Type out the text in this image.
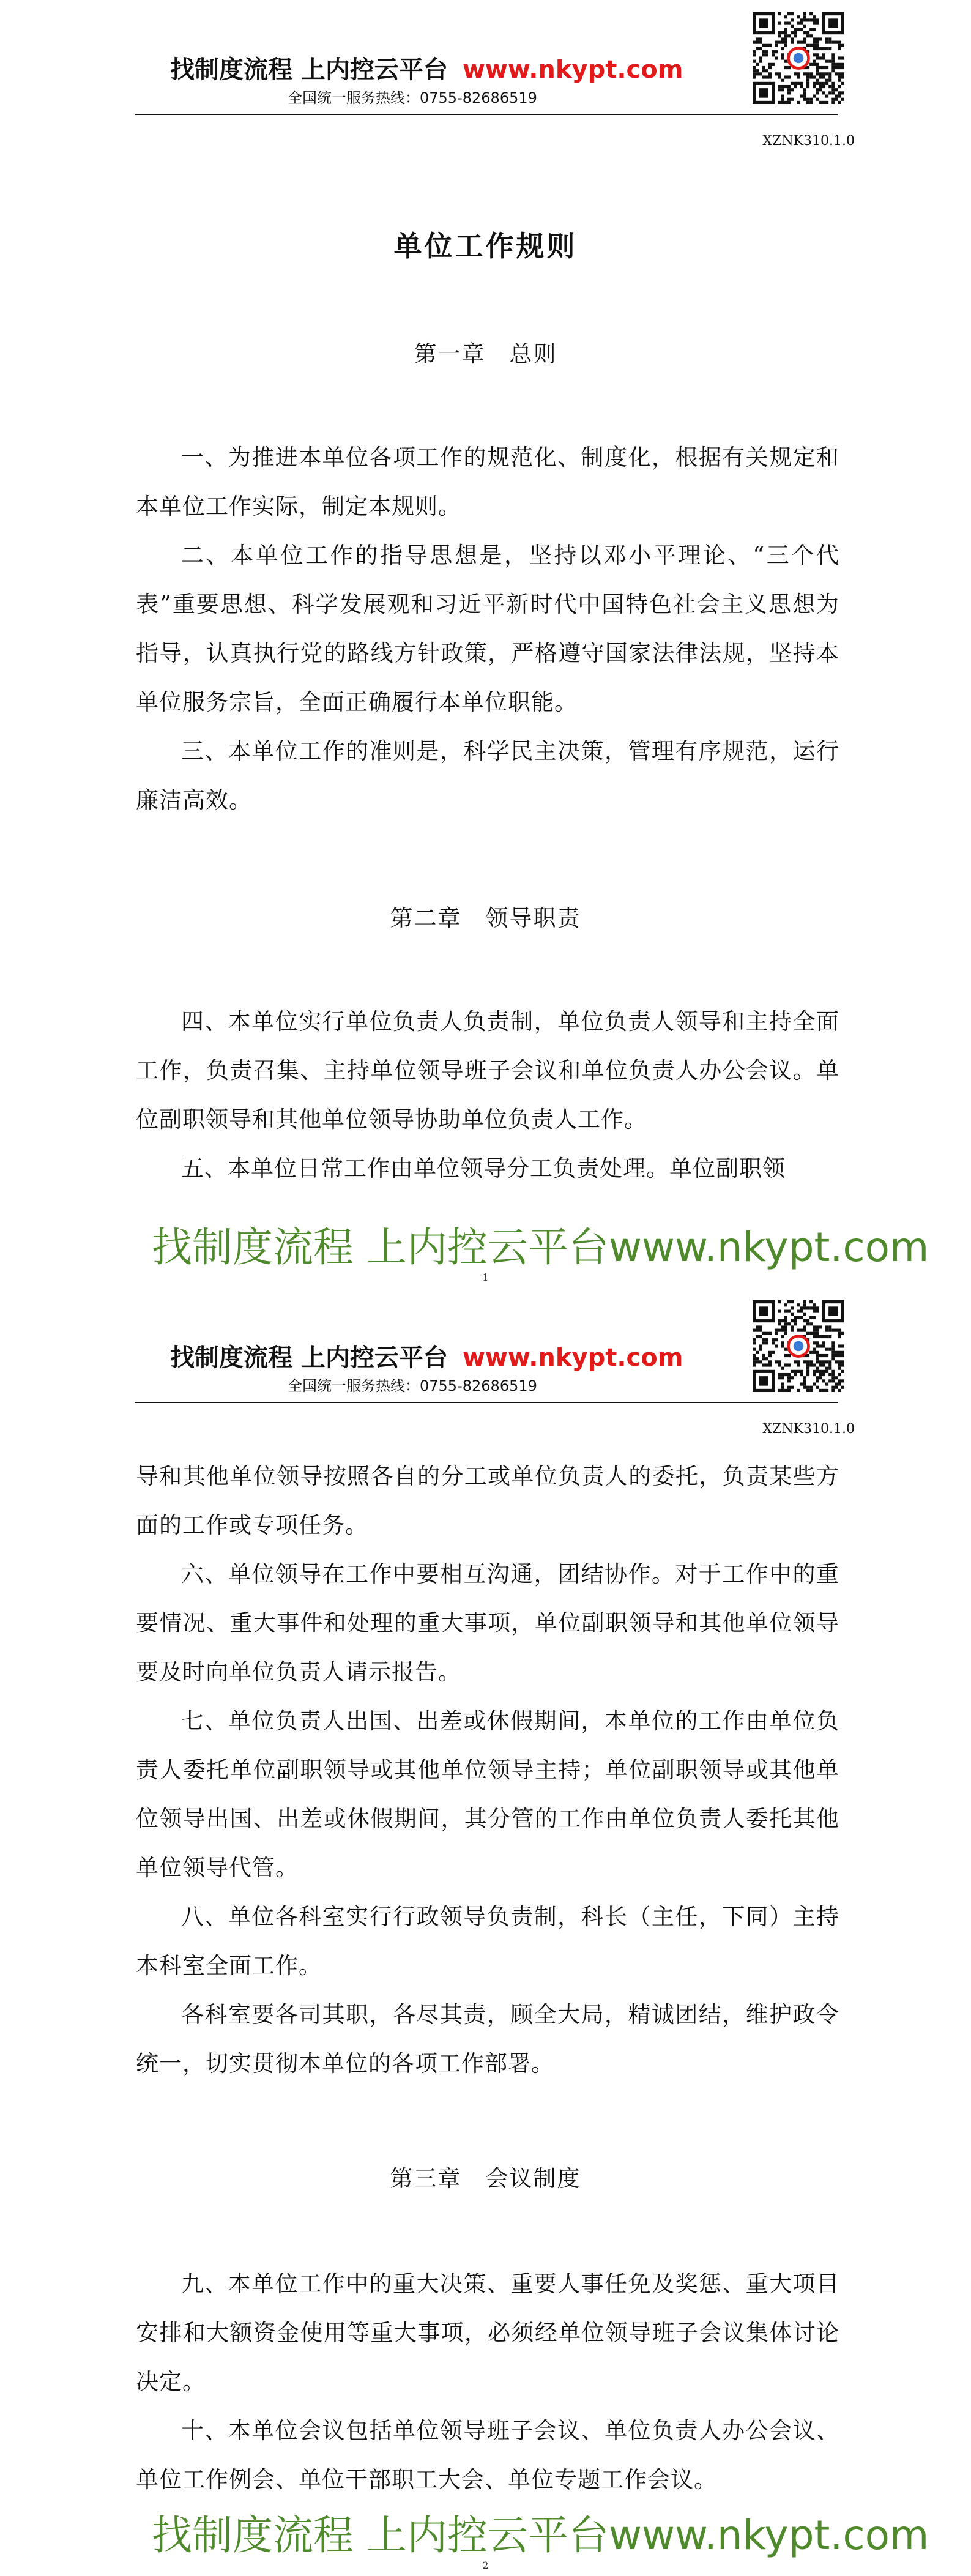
找制度流程 上内控云平台 www.nkypt.com
全国统一服务热线：0755-82686519
XZNK310.1.0
单位工作规则
第一章　总则
一、为推进本单位各项工作的规范化、制度化，根据有关规定和本单位工作实际，制定本规则。
二、本单位工作的指导思想是，坚持以邓小平理论、“三个代表”重要思想、科学发展观和习近平新时代中国特色社会主义思想为指导，认真执行党的路线方针政策，严格遵守国家法律法规，坚持本单位服务宗旨，全面正确履行本单位职能。
三、本单位工作的准则是，科学民主决策，管理有序规范，运行廉洁高效。
第二章　领导职责
四、本单位实行单位负责人负责制，单位负责人领导和主持全面工作，负责召集、主持单位领导班子会议和单位负责人办公会议。单位副职领导和其他单位领导协助单位负责人工作。
五、本单位日常工作由单位领导分工负责处理。单位副职领
找制度流程 上内控云平台www.nkypt.com
1
找制度流程 上内控云平台 www.nkypt.com
全国统一服务热线：0755-82686519
XZNK310.1.0
导和其他单位领导按照各自的分工或单位负责人的委托，负责某些方面的工作或专项任务。
六、单位领导在工作中要相互沟通，团结协作。对于工作中的重要情况、重大事件和处理的重大事项，单位副职领导和其他单位领导要及时向单位负责人请示报告。
七、单位负责人出国、出差或休假期间，本单位的工作由单位负责人委托单位副职领导或其他单位领导主持；单位副职领导或其他单位领导出国、出差或休假期间，其分管的工作由单位负责人委托其他单位领导代管。
八、单位各科室实行行政领导负责制，科长（主任，下同）主持本科室全面工作。
各科室要各司其职，各尽其责，顾全大局，精诚团结，维护政令统一，切实贯彻本单位的各项工作部署。
第三章　会议制度
九、本单位工作中的重大决策、重要人事任免及奖惩、重大项目安排和大额资金使用等重大事项，必须经单位领导班子会议集体讨论决定。
十、本单位会议包括单位领导班子会议、单位负责人办公会议、单位工作例会、单位干部职工大会、单位专题工作会议。
找制度流程 上内控云平台www.nkypt.com
2
